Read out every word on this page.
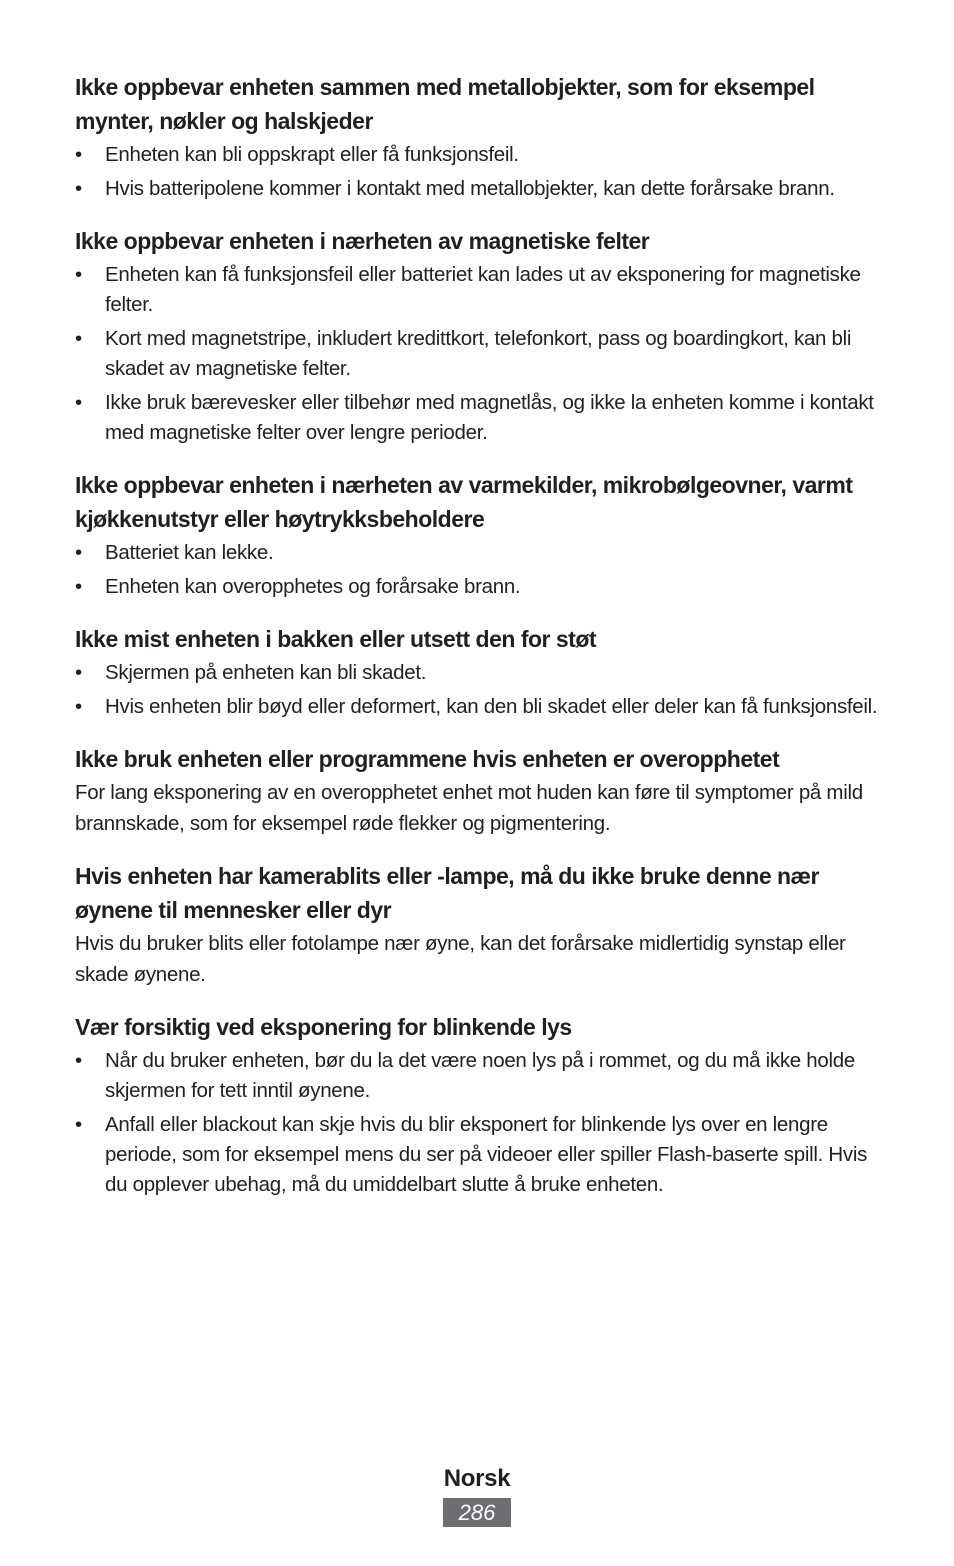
Ikke oppbevar enheten sammen med metallobjekter, som for eksempel mynter, nøkler og halskjeder
• Enheten kan bli oppskrapt eller få funksjonsfeil.
• Hvis batteripolene kommer i kontakt med metallobjekter, kan dette forårsake brann.
Ikke oppbevar enheten i nærheten av magnetiske felter
• Enheten kan få funksjonsfeil eller batteriet kan lades ut av eksponering for magnetiske felter.
• Kort med magnetstripe, inkludert kredittkort, telefonkort, pass og boardingkort, kan bli skadet av magnetiske felter.
• Ikke bruk bærevesker eller tilbehør med magnetlås, og ikke la enheten komme i kontakt med magnetiske felter over lengre perioder.
Ikke oppbevar enheten i nærheten av varmekilder, mikrobølgeovner, varmt kjøkkenutstyr eller høytrykksbeholdere
• Batteriet kan lekke.
• Enheten kan overopphetes og forårsake brann.
Ikke mist enheten i bakken eller utsett den for støt
• Skjermen på enheten kan bli skadet.
• Hvis enheten blir bøyd eller deformert, kan den bli skadet eller deler kan få funksjonsfeil.
Ikke bruk enheten eller programmene hvis enheten er overopphetet

For lang eksponering av en overopphetet enhet mot huden kan føre til symptomer på mild brannskade, som for eksempel røde flekker og pigmentering.

Hvis enheten har kamerablits eller -lampe, må du ikke bruke denne nær øynene til mennesker eller dyr

Hvis du bruker blits eller fotolampe nær øyne, kan det forårsake midlertidig synstap eller skade øynene.

Vær forsiktig ved eksponering for blinkende lys
• Når du bruker enheten, bør du la det være noen lys på i rommet, og du må ikke holde skjermen for tett inntil øynene.
• Anfall eller blackout kan skje hvis du blir eksponert for blinkende lys over en lengre periode, som for eksempel mens du ser på videoer eller spiller Flash-baserte spill. Hvis du opplever ubehag, må du umiddelbart slutte å bruke enheten.
Norsk
286
